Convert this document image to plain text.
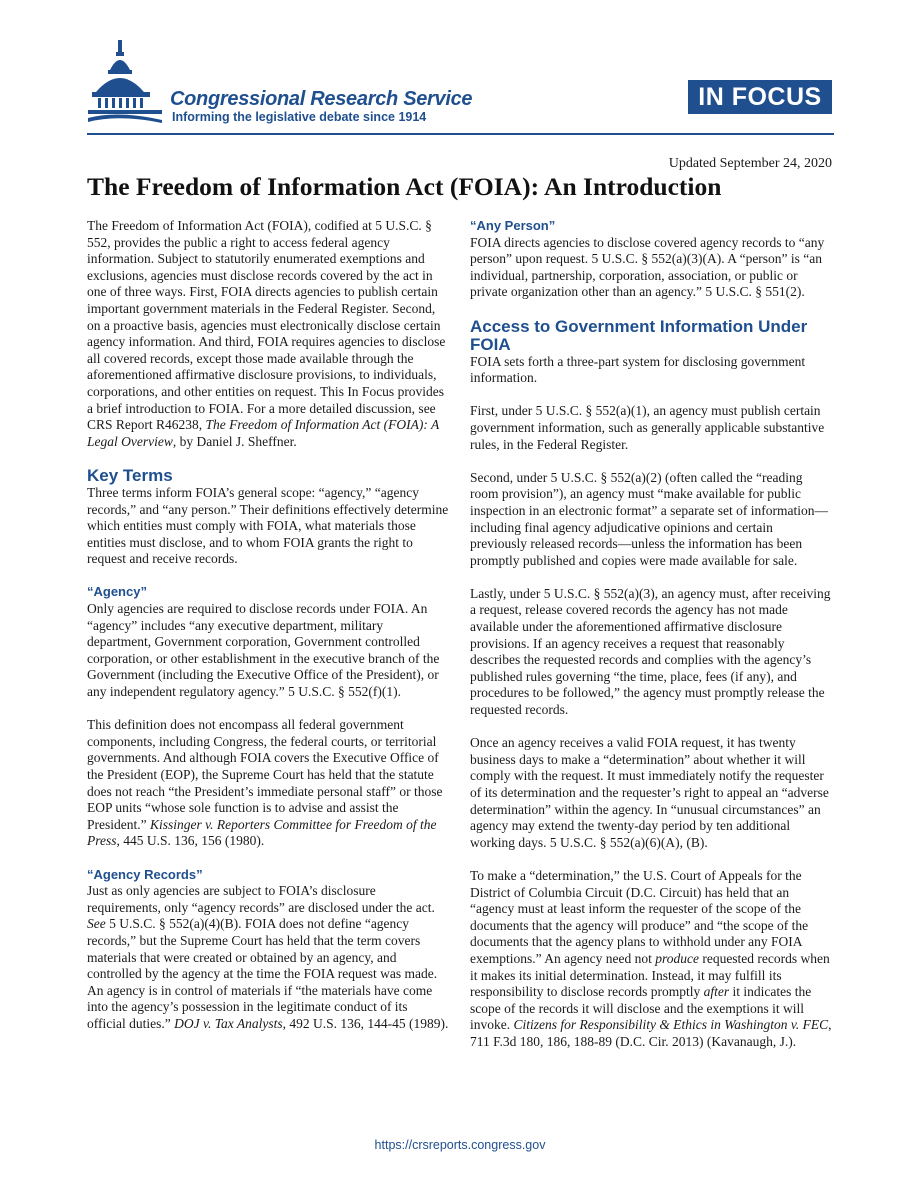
Congressional Research Service
Informing the legislative debate since 1914
IN FOCUS
Updated September 24, 2020
The Freedom of Information Act (FOIA): An Introduction

The Freedom of Information Act (FOIA), codified at 5 U.S.C. § 552, provides the public a right to access federal agency information. Subject to statutorily enumerated exemptions and exclusions, agencies must disclose records covered by the act in one of three ways. First, FOIA directs agencies to publish certain important government materials in the Federal Register. Second, on a proactive basis, agencies must electronically disclose certain agency information. And third, FOIA requires agencies to disclose all covered records, except those made available through the aforementioned affirmative disclosure provisions, to individuals, corporations, and other entities on request. This In Focus provides a brief introduction to FOIA. For a more detailed discussion, see CRS Report R46238, The Freedom of Information Act (FOIA): A Legal Overview, by Daniel J. Sheffner.

Key Terms

Three terms inform FOIA’s general scope: “agency,” “agency records,” and “any person.” Their definitions effectively determine which entities must comply with FOIA, what materials those entities must disclose, and to whom FOIA grants the right to request and receive records.

“Agency”

Only agencies are required to disclose records under FOIA. An “agency” includes “any executive department, military department, Government corporation, Government controlled corporation, or other establishment in the executive branch of the Government (including the Executive Office of the President), or any independent regulatory agency.” 5 U.S.C. § 552(f)(1).

This definition does not encompass all federal government components, including Congress, the federal courts, or territorial governments. And although FOIA covers the Executive Office of the President (EOP), the Supreme Court has held that the statute does not reach “the President’s immediate personal staff” or those EOP units “whose sole function is to advise and assist the President.” Kissinger v. Reporters Committee for Freedom of the Press, 445 U.S. 136, 156 (1980).

“Agency Records”

Just as only agencies are subject to FOIA’s disclosure requirements, only “agency records” are disclosed under the act. See 5 U.S.C. § 552(a)(4)(B). FOIA does not define “agency records,” but the Supreme Court has held that the term covers materials that were created or obtained by an agency, and controlled by the agency at the time the FOIA request was made. An agency is in control of materials if “the materials have come into the agency’s possession in the legitimate conduct of its official duties.” DOJ v. Tax Analysts, 492 U.S. 136, 144-45 (1989).

“Any Person”

FOIA directs agencies to disclose covered agency records to “any person” upon request. 5 U.S.C. § 552(a)(3)(A). A “person” is “an individual, partnership, corporation, association, or public or private organization other than an agency.” 5 U.S.C. § 551(2).

Access to Government Information Under FOIA

FOIA sets forth a three-part system for disclosing government information.

First, under 5 U.S.C. § 552(a)(1), an agency must publish certain government information, such as generally applicable substantive rules, in the Federal Register.

Second, under 5 U.S.C. § 552(a)(2) (often called the “reading room provision”), an agency must “make available for public inspection in an electronic format” a separate set of information—including final agency adjudicative opinions and certain previously released records—unless the information has been promptly published and copies were made available for sale.

Lastly, under 5 U.S.C. § 552(a)(3), an agency must, after receiving a request, release covered records the agency has not made available under the aforementioned affirmative disclosure provisions. If an agency receives a request that reasonably describes the requested records and complies with the agency’s published rules governing “the time, place, fees (if any), and procedures to be followed,” the agency must promptly release the requested records.

Once an agency receives a valid FOIA request, it has twenty business days to make a “determination” about whether it will comply with the request. It must immediately notify the requester of its determination and the requester’s right to appeal an “adverse determination” within the agency. In “unusual circumstances” an agency may extend the twenty-day period by ten additional working days. 5 U.S.C. § 552(a)(6)(A), (B).

To make a “determination,” the U.S. Court of Appeals for the District of Columbia Circuit (D.C. Circuit) has held that an “agency must at least inform the requester of the scope of the documents that the agency will produce” and “the scope of the documents that the agency plans to withhold under any FOIA exemptions.” An agency need not produce requested records when it makes its initial determination. Instead, it may fulfill its responsibility to disclose records promptly after it indicates the scope of the records it will disclose and the exemptions it will invoke. Citizens for Responsibility & Ethics in Washington v. FEC, 711 F.3d 180, 186, 188-89 (D.C. Cir. 2013) (Kavanaugh, J.).

https://crsreports.congress.gov
